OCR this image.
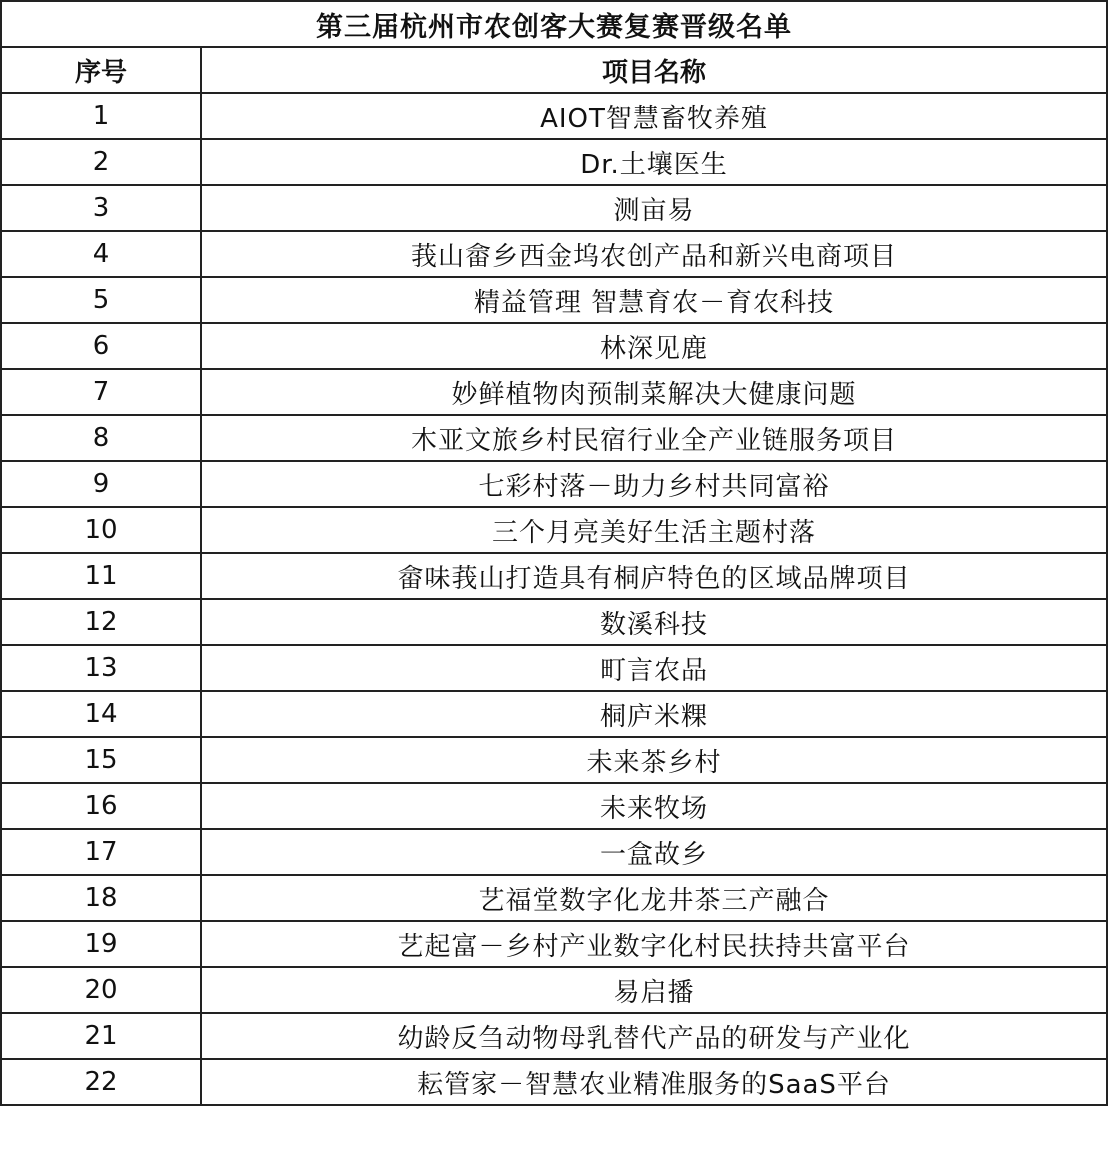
第三届杭州市农创客大赛复赛晋级名单	
序号	项目名称
1	AIOT智慧畜牧养殖
2	Dr.土壤医生
3	测亩易
4	莪山畲乡西金坞农创产品和新兴电商项目
5	精益管理 智慧育农－育农科技
6	林深见鹿
7	妙鲜植物肉预制菜解决大健康问题
8	木亚文旅乡村民宿行业全产业链服务项目
9	七彩村落－助力乡村共同富裕
10	三个月亮美好生活主题村落
11	畲味莪山打造具有桐庐特色的区域品牌项目
12	数溪科技
13	町言农品
14	桐庐米粿
15	未来茶乡村
16	未来牧场
17	一盒故乡
18	艺福堂数字化龙井茶三产融合
19	艺起富－乡村产业数字化村民扶持共富平台
20	易启播
21	幼龄反刍动物母乳替代产品的研发与产业化
22	耘管家－智慧农业精准服务的SaaS平台
